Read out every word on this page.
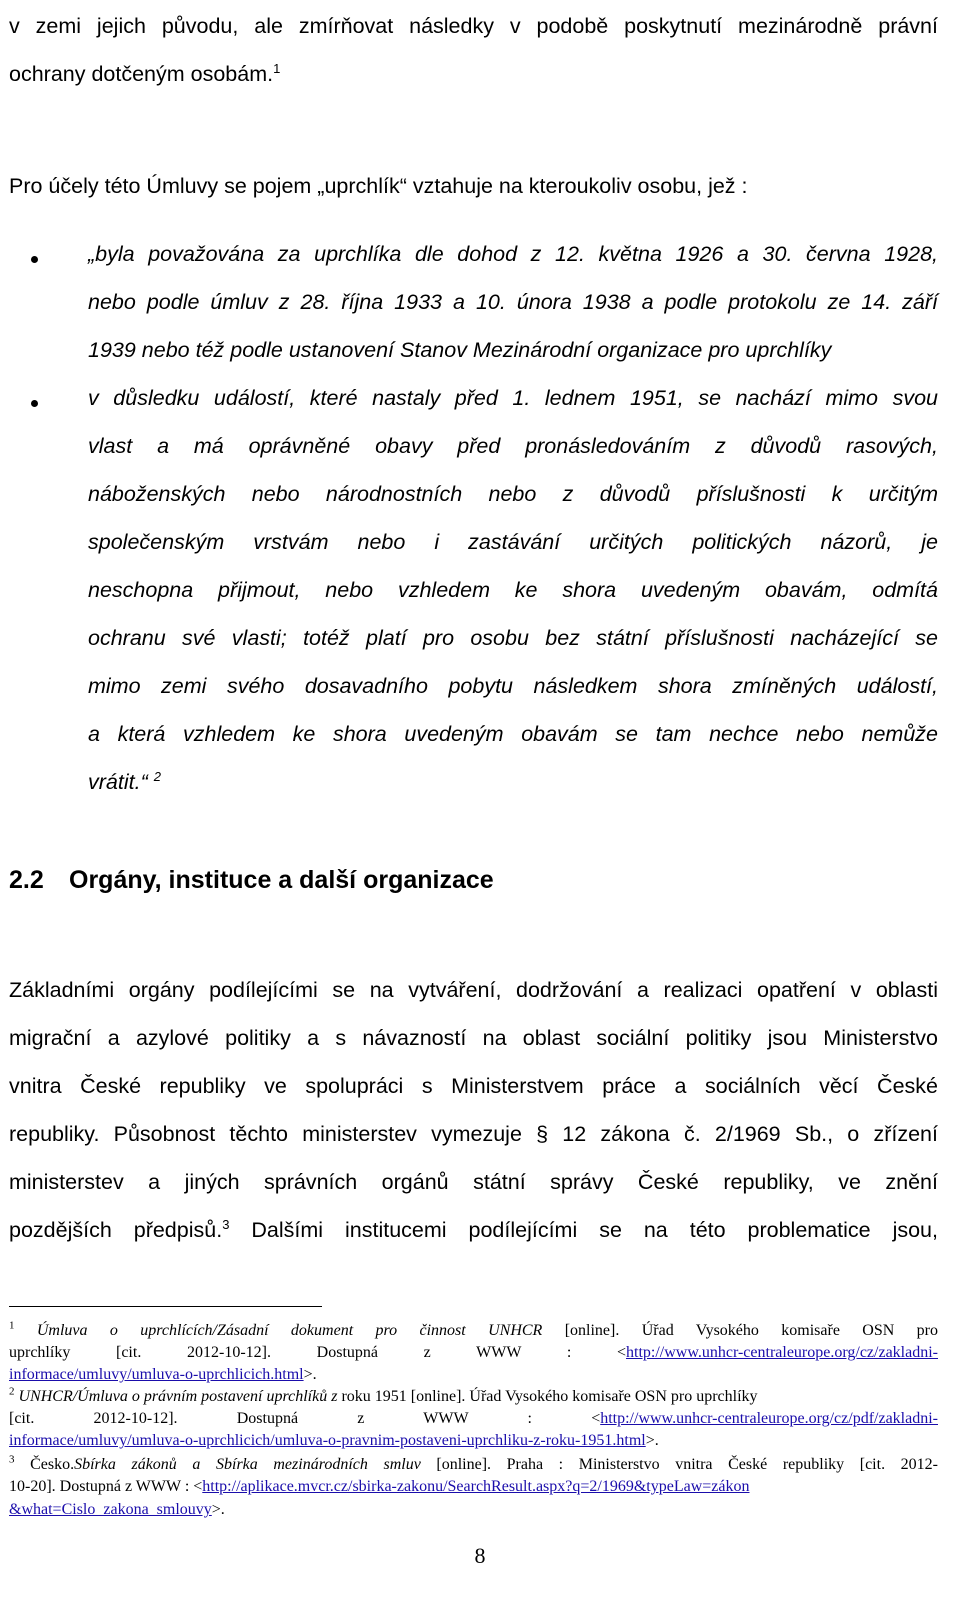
v zemi jejich původu, ale zmírňovat následky v podobě poskytnutí mezinárodně právní
ochrany dotčeným osobám.$^1$
Pro účely této Úmluvy se pojem „uprchlík“ vztahuje na kteroukoliv osobu, jež :
„byla považována za uprchlíka dle dohod z 12. května 1926 a 30. června 1928,
nebo podle úmluv z 28. října 1933 a 10. února 1938 a podle protokolu ze 14. září
1939 nebo též podle ustanovení Stanov Mezinárodní organizace pro uprchlíky
v důsledku událostí, které nastaly před 1. lednem 1951, se nachází mimo svou
vlast a má oprávněné obavy před pronásledováním z důvodů rasových,
náboženských nebo národnostních nebo z důvodů příslušnosti k určitým
společenským vrstvám nebo i zastávání určitých politických názorů, je
neschopna přijmout, nebo vzhledem ke shora uvedeným obavám, odmítá
ochranu své vlasti; totéž platí pro osobu bez státní příslušnosti nacházející se
mimo zemi svého dosavadního pobytu následkem shora zmíněných událostí,
a která vzhledem ke shora uvedeným obavám se tam nechce nebo nemůže
vrátit.“ $^2$
2.2 Orgány, instituce a další organizace
Základními orgány podílejícími se na vytváření, dodržování a realizaci opatření v oblasti
migrační a azylové politiky a s návazností na oblast sociální politiky jsou Ministerstvo
vnitra České republiky ve spolupráci s Ministerstvem práce a sociálních věcí České
republiky. Působnost těchto ministerstev vymezuje § 12 zákona č. 2/1969 Sb., o zřízení
ministerstev a jiných správních orgánů státní správy České republiky, ve znění
pozdějších předpisů.$^3$ Dalšími institucemi podílejícími se na této problematice jsou,
$^1$ Úmluva o uprchlících/Zásadní dokument pro činnost UNHCR [online]. Úřad Vysokého komisaře OSN pro
uprchlíky [cit. 2012-10-12]. Dostupná z WWW : <http://www.unhcr-centraleurope.org/cz/zakladni-
informace/umluvy/umluva-o-uprchlicich.html>.
$^2$ UNHCR/Úmluva o právním postavení uprchlíků z roku 1951 [online]. Úřad Vysokého komisaře OSN pro uprchlíky
[cit. 2012-10-12]. Dostupná z WWW : <http://www.unhcr-centraleurope.org/cz/pdf/zakladni-
informace/umluvy/umluva-o-uprchlicich/umluva-o-pravnim-postaveni-uprchliku-z-roku-1951.html>.
$^3$ Česko.Sbírka zákonů a Sbírka mezinárodních smluv [online]. Praha : Ministerstvo vnitra České republiky [cit. 2012-
10-20]. Dostupná z WWW : <http://aplikace.mvcr.cz/sbirka-zakonu/SearchResult.aspx?q=2/1969&typeLaw=zákon
&what=Cislo_zakona_smlouvy>.
8
